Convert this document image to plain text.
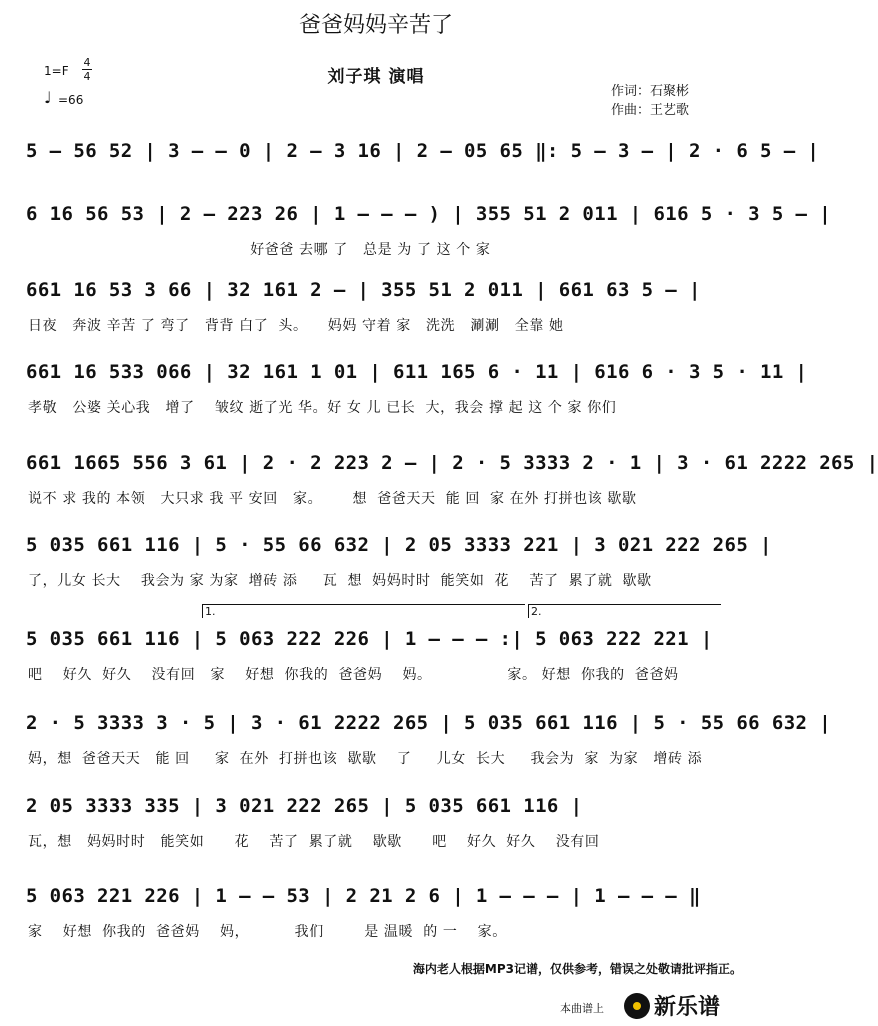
爸爸妈妈辛苦了
刘子琪 演唱
1=F
4
4
♩ =66
作词：石聚彬
作曲：王艺歌
5 – 56 52 | 3 – – 0 | 2 – 3 16 | 2 – 05 65 ‖: 5 – 3 – | 2 · 6 5 – |
6 16 56 53 | 2 – 223 26 | 1 – – – ) | 355 51 2 011 | 616 5 · 3 5 – |
好爸爸 去哪 了   总是 为 了 这 个 家
661 16 53 3 66 | 32 161 2 – | 355 51 2 011 | 661 63 5 – |
日夜   奔波 辛苦 了 弯了   背背 白了  头。    妈妈 守着 家   洗洗   涮涮   全靠 她
661 16 533 066 | 32 161 1 01 | 611 165 6 · 11 | 616 6 · 3 5 · 11 |
孝敬   公婆 关心我   增了    皱纹 逝了光 华。好 女 儿 已长  大，我会 撑 起 这 个 家 你们
661 1665 556 3 61 | 2 · 2 223 2 – | 2 · 5 3333 2 · 1 | 3 · 61 2222 265 |
说不 求 我的 本领   大只求 我 平 安回   家。      想  爸爸天天  能 回  家 在外 打拼也该 歇歇
5 035 661 116 | 5 · 55 66 632 | 2 05 3333 221 | 3 021 222 265 |
了，儿女 长大    我会为 家 为家  增砖 添     瓦  想  妈妈时时  能笑如  花    苦了  累了就  歇歇
1.	2.
5 035 661 116 | 5 063 222 226 | 1 – – – :| 5 063 222 221 |
吧    好久  好久    没有回   家    好想  你我的  爸爸妈    妈。               家。 好想  你我的  爸爸妈
2 · 5 3333 3 · 5 | 3 · 61 2222 265 | 5 035 661 116 | 5 · 55 66 632 |
妈，想  爸爸天天   能 回     家  在外  打拼也该  歇歇    了     儿女  长大     我会为  家  为家   增砖 添
2 05 3333 335 | 3 021 222 265 | 5 035 661 116 |
瓦，想   妈妈时时   能笑如      花    苦了  累了就    歇歇      吧    好久  好久    没有回
5 063 221 226 | 1 – – 53 | 2 21 2 6 | 1 – – – | 1 – – – ‖
家    好想  你我的  爸爸妈    妈，         我们        是 温暖  的 一    家。
海内老人根据MP3记谱，仅供参考，错误之处敬请批评指正。
本曲谱上 新乐谱
